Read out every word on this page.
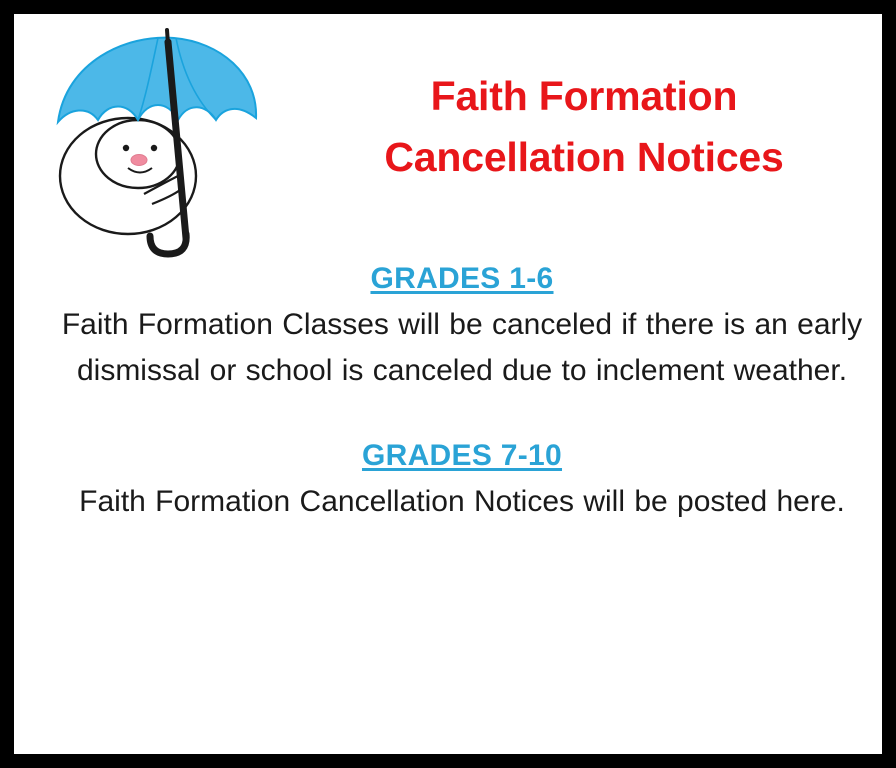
Faith Formation
Cancellation Notices
GRADES 1-6
Faith Formation Classes will be canceled if there is an early dismissal or school is canceled due to inclement weather.
GRADES 7-10
Faith Formation Cancellation Notices will be posted here.
